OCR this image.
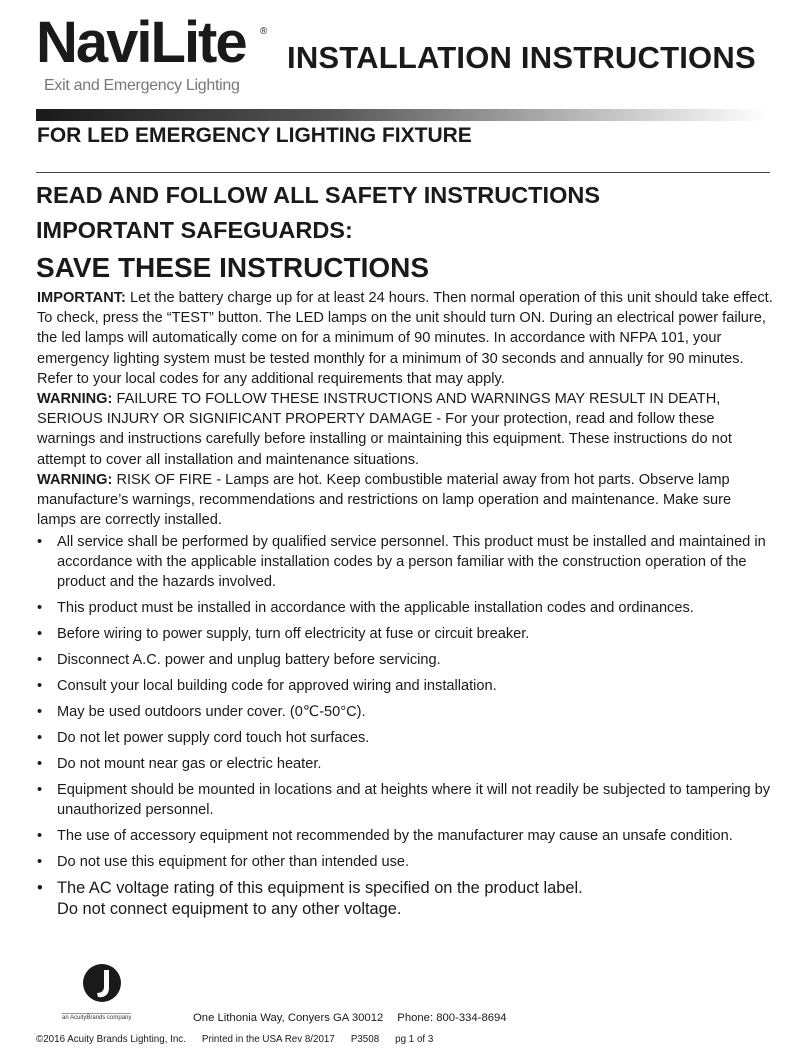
NaviLite ®
Exit and Emergency Lighting
INSTALLATION INSTRUCTIONS
FOR LED EMERGENCY LIGHTING FIXTURE
READ AND FOLLOW ALL SAFETY INSTRUCTIONS
IMPORTANT SAFEGUARDS:
SAVE THESE INSTRUCTIONS
IMPORTANT: Let the battery charge up for at least 24 hours. Then normal operation of this unit should take effect. To check, press the “TEST” button. The LED lamps on the unit should turn ON. During an electrical power failure, the led lamps will automatically come on for a minimum of 90 minutes. In accordance with NFPA 101, your emergency lighting system must be tested monthly for a minimum of 30 seconds and annually for 90 minutes. Refer to your local codes for any additional requirements that may apply.
WARNING: FAILURE TO FOLLOW THESE INSTRUCTIONS AND WARNINGS MAY RESULT IN DEATH, SERIOUS INJURY OR SIGNIFICANT PROPERTY DAMAGE - For your protection, read and follow these warnings and instructions carefully before installing or maintaining this equipment. These instructions do not attempt to cover all installation and maintenance situations.
WARNING: RISK OF FIRE - Lamps are hot. Keep combustible material away from hot parts. Observe lamp manufacture’s warnings, recommendations and restrictions on lamp operation and maintenance. Make sure lamps are correctly installed.
• All service shall be performed by qualified service personnel. This product must be installed and maintained in accordance with the applicable installation codes by a person familiar with the construction operation of the product and the hazards involved.
• This product must be installed in accordance with the applicable installation codes and ordinances.
• Before wiring to power supply, turn off electricity at fuse or circuit breaker.
• Disconnect A.C. power and unplug battery before servicing.
• Consult your local building code for approved wiring and installation.
• May be used outdoors under cover. (0℃-50°C).
• Do not let power supply cord touch hot surfaces.
• Do not mount near gas or electric heater.
• Equipment should be mounted in locations and at heights where it will not readily be subjected to tampering by unauthorized personnel.
• The use of accessory equipment not recommended by the manufacturer may cause an unsafe condition.
• Do not use this equipment for other than intended use.
• The AC voltage rating of this equipment is specified on the product label.
Do not connect equipment to any other voltage.
an AcuityBrands company	One Lithonia Way, Conyers GA 30012 Phone: 800-334-8694
©2016 Acuity Brands Lighting, Inc. Printed in the USA Rev 8/2017 P3508 pg 1 of 3
